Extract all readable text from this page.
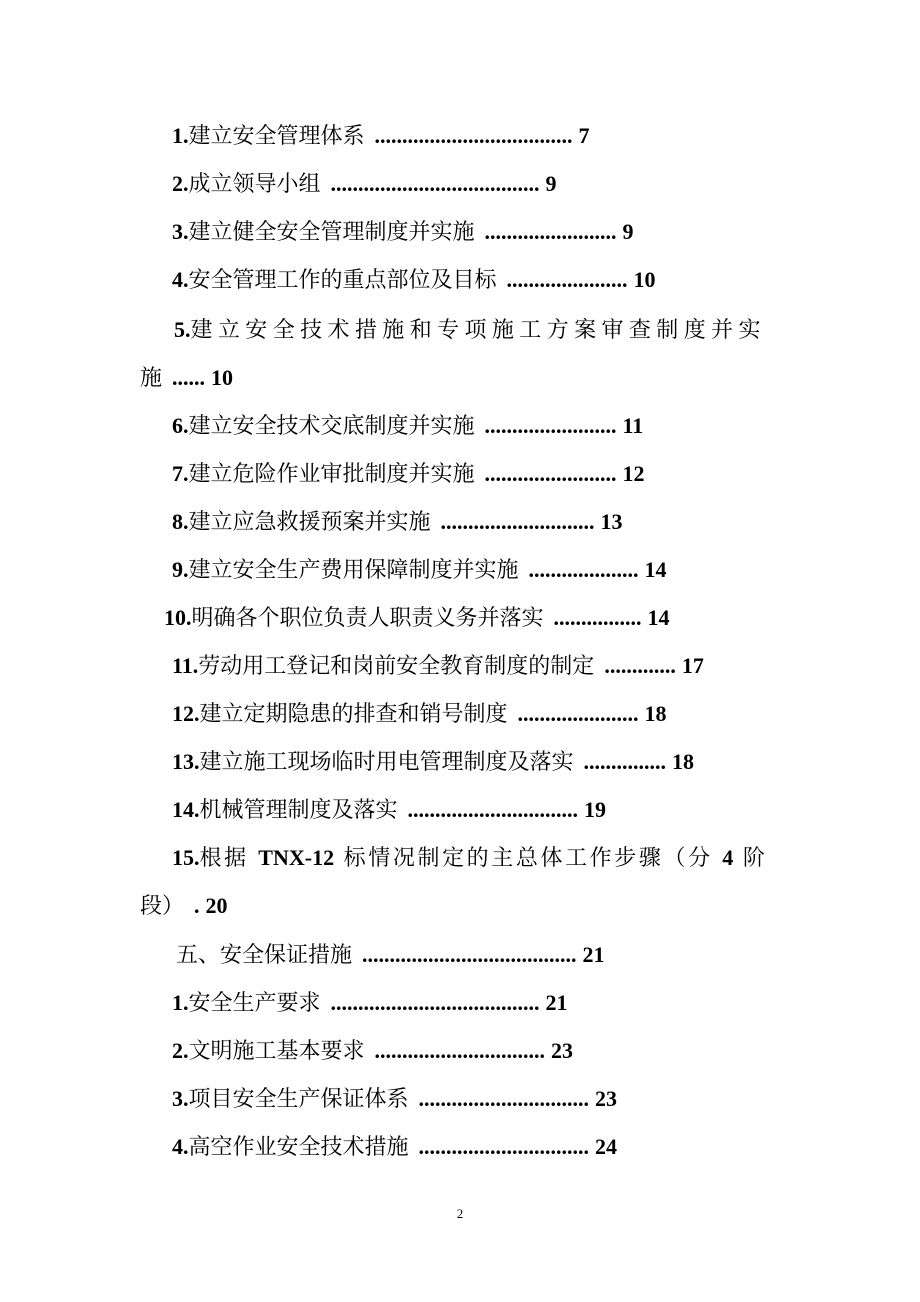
1.建立安全管理体系 .................................... 7
2.成立领导小组 ...................................... 9
3.建立健全安全管理制度并实施 ........................ 9
4.安全管理工作的重点部位及目标 ...................... 10
5.建立安全技术措施和专项施工方案审查制度并实
施 ...... 10
6.建立安全技术交底制度并实施 ........................ 11
7.建立危险作业审批制度并实施 ........................ 12
8.建立应急救援预案并实施 ............................ 13
9.建立安全生产费用保障制度并实施 .................... 14
10.明确各个职位负责人职责义务并落实 ................ 14
11.劳动用工登记和岗前安全教育制度的制定 ............. 17
12.建立定期隐患的排查和销号制度 ...................... 18
13.建立施工现场临时用电管理制度及落实 ............... 18
14.机械管理制度及落实 ............................... 19
15.根据 TNX-12 标情况制定的主总体工作步骤（分 4 阶
段） . 20
五、安全保证措施 ....................................... 21
1.安全生产要求 ...................................... 21
2.文明施工基本要求 ............................... 23
3.项目安全生产保证体系 ............................... 23
4.高空作业安全技术措施 ............................... 24
2
